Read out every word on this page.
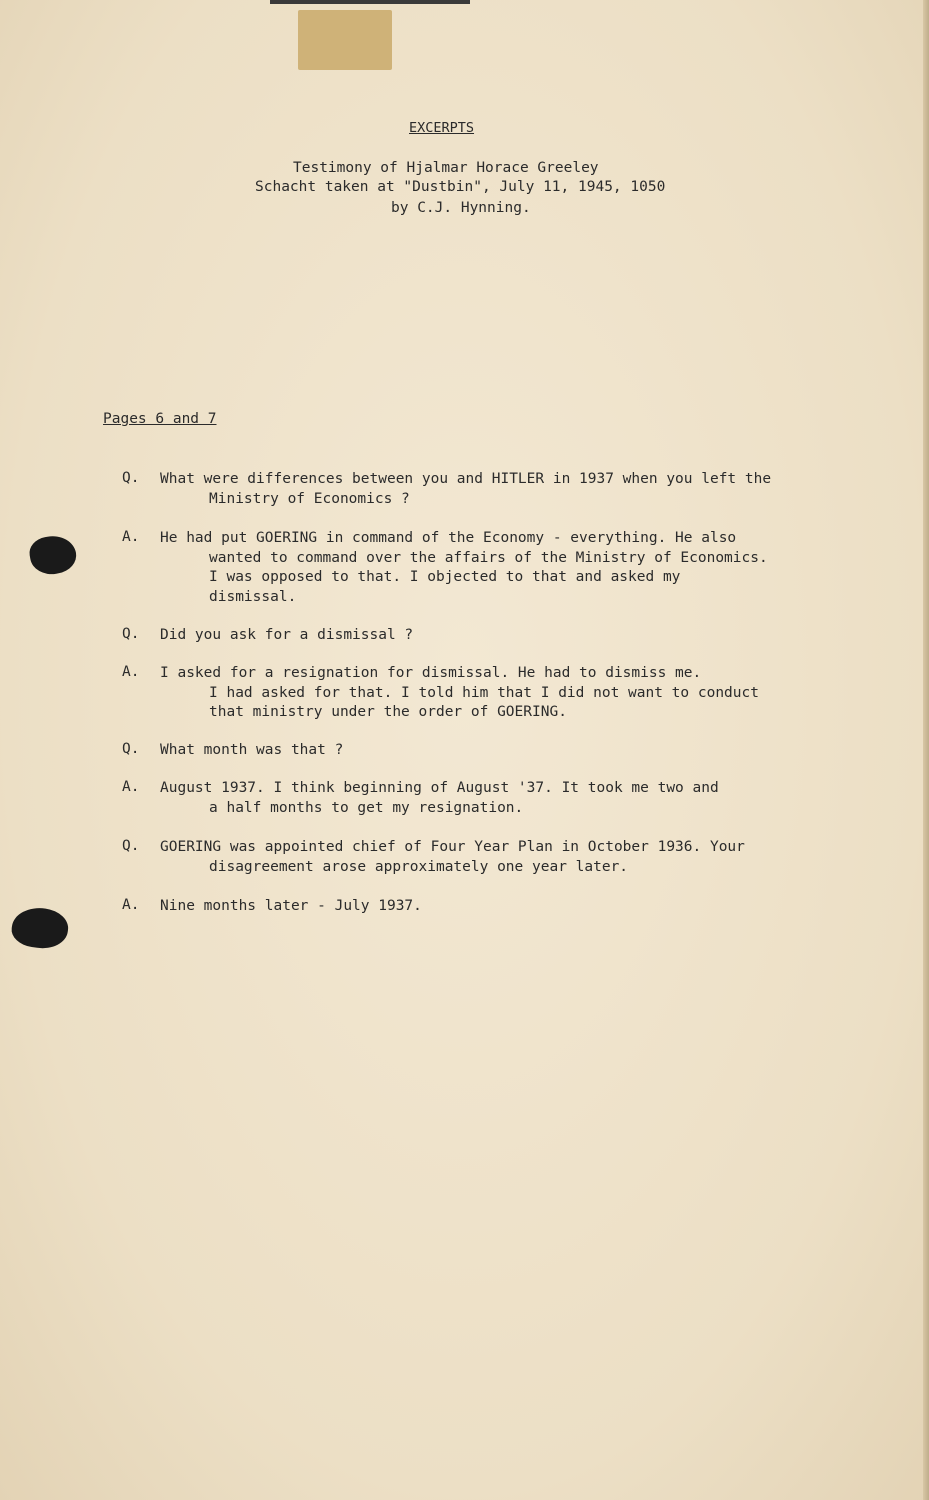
EXCERPTS
Testimony of Hjalmar Horace Greeley
Schacht taken at "Dustbin", July 11, 1945, 1050
by C.J. Hynning.
Pages 6 and 7
Q. What were differences between you and HITLER in 1937 when you left the
Ministry of Economics ?
A. He had put GOERING in command of the Economy - everything. He also
wanted to command over the affairs of the Ministry of Economics.
I was opposed to that. I objected to that and asked my
dismissal.
Q. Did you ask for a dismissal ?
A. I asked for a resignation for dismissal. He had to dismiss me.
I had asked for that. I told him that I did not want to conduct
that ministry under the order of GOERING.
Q. What month was that ?
A. August 1937. I think beginning of August '37. It took me two and
a half months to get my resignation.
Q. GOERING was appointed chief of Four Year Plan in October 1936. Your
disagreement arose approximately one year later.
A. Nine months later - July 1937.
